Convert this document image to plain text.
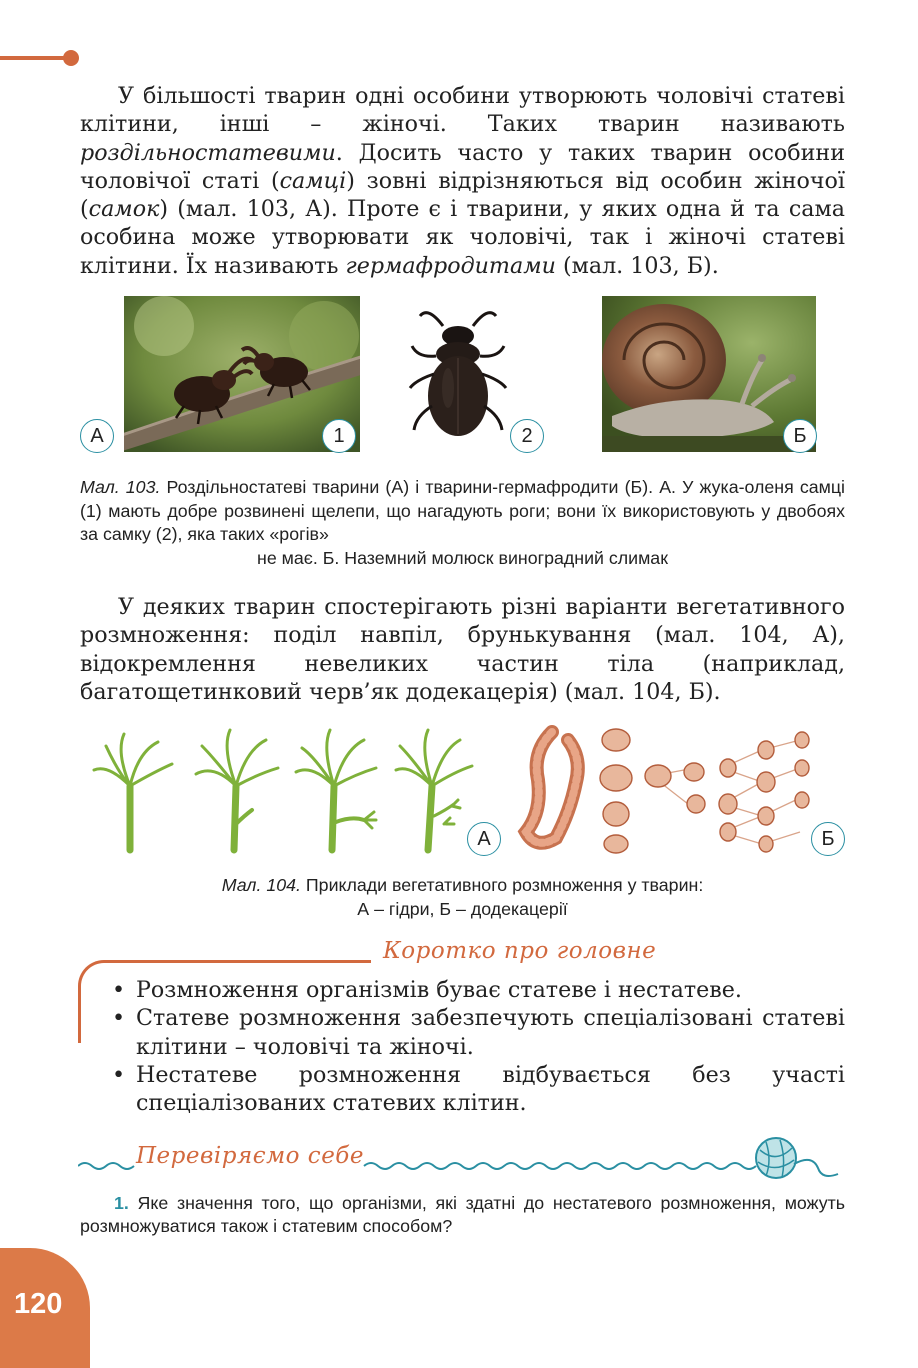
У більшості тварин одні особини утворюють чоловічі статеві клітини, інші – жіночі. Таких тварин називають роздільностатевими. Досить часто у таких тварин особини чоловічої статі (самці) зовні відрізняються від особин жіночої (самок) (мал. 103, А). Проте є і тварини, у яких одна й та сама особина може утворювати як чоловічі, так і жіночі статеві клітини. Їх називають гермафродитами (мал. 103, Б).

А	1	2	Б

Мал. 103. Роздільностатеві тварини (А) і тварини-гермафродити (Б). А. У жука-оленя самці (1) мають добре розвинені щелепи, що нагадують роги; вони їх використовують у двобоях за самку (2), яка таких «рогів»
не має. Б. Наземний молюск виноградний слимак

У деяких тварин спостерігають різні варіанти вегетативного розмноження: поділ навпіл, брунькування (мал. 104, А), відокремлення невеликих частин тіла (наприклад, багатощетинковий черв’як додекацерія) (мал. 104, Б).

А	Б

Мал. 104. Приклади вегетативного розмноження у тварин:
А – гідри, Б – додекацерії

Коротко про головне
• Розмноження організмів буває статеве і нестатеве.
• Статеве розмноження забезпечують спеціалізовані статеві клітини – чоловічі та жіночі.
• Нестатеве розмноження відбувається без участі спеціалізованих статевих клітин.
Перевіряємо себе

1. Яке значення того, що організми, які здатні до нестатевого розмноження, можуть розмножуватися також і статевим способом?

120
